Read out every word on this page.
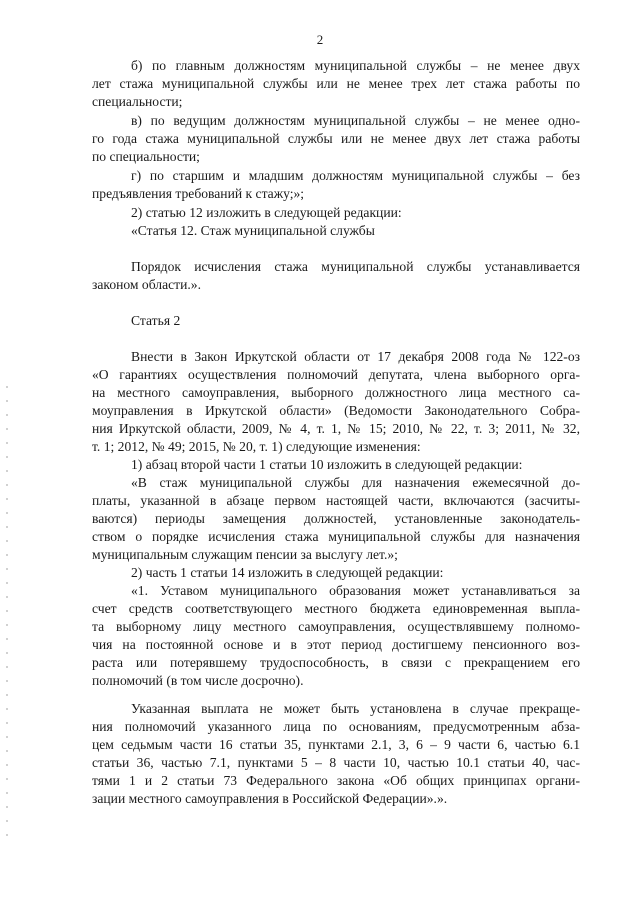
2
б) по главным должностям муниципальной службы – не менее двух
лет стажа муниципальной службы или не менее трех лет стажа работы по
специальности;
в) по ведущим должностям муниципальной службы – не менее одно-
го года стажа муниципальной службы или не менее двух лет стажа работы
по специальности;
г) по старшим и младшим должностям муниципальной службы – без
предъявления требований к стажу;»;
2) статью 12 изложить в следующей редакции:
«Статья 12. Стаж муниципальной службы
Порядок исчисления стажа муниципальной службы устанавливается
законом области.».
Статья 2
Внести в Закон Иркутской области от 17 декабря 2008 года № 122-оз
«О гарантиях осуществления полномочий депутата, члена выборного орга-
на местного самоуправления, выборного должностного лица местного са-
моуправления в Иркутской области» (Ведомости Законодательного Собра-
ния Иркутской области, 2009, № 4, т. 1, № 15; 2010, № 22, т. 3; 2011, № 32,
т. 1; 2012, № 49; 2015, № 20, т. 1) следующие изменения:
1) абзац второй части 1 статьи 10 изложить в следующей редакции:
«В стаж муниципальной службы для назначения ежемесячной до-
платы, указанной в абзаце первом настоящей части, включаются (засчиты-
ваются) периоды замещения должностей, установленные законодатель-
ством о порядке исчисления стажа муниципальной службы для назначения
муниципальным служащим пенсии за выслугу лет.»;
2) часть 1 статьи 14 изложить в следующей редакции:
«1. Уставом муниципального образования может устанавливаться за
счет средств соответствующего местного бюджета единовременная выпла-
та выборному лицу местного самоуправления, осуществлявшему полномо-
чия на постоянной основе и в этот период достигшему пенсионного воз-
раста или потерявшему трудоспособность, в связи с прекращением его
полномочий (в том числе досрочно).
Указанная выплата не может быть установлена в случае прекраще-
ния полномочий указанного лица по основаниям, предусмотренным абза-
цем седьмым части 16 статьи 35, пунктами 2.1, 3, 6 – 9 части 6, частью 6.1
статьи 36, частью 7.1, пунктами 5 – 8 части 10, частью 10.1 статьи 40, час-
тями 1 и 2 статьи 73 Федерального закона «Об общих принципах органи-
зации местного самоуправления в Российской Федерации».».
